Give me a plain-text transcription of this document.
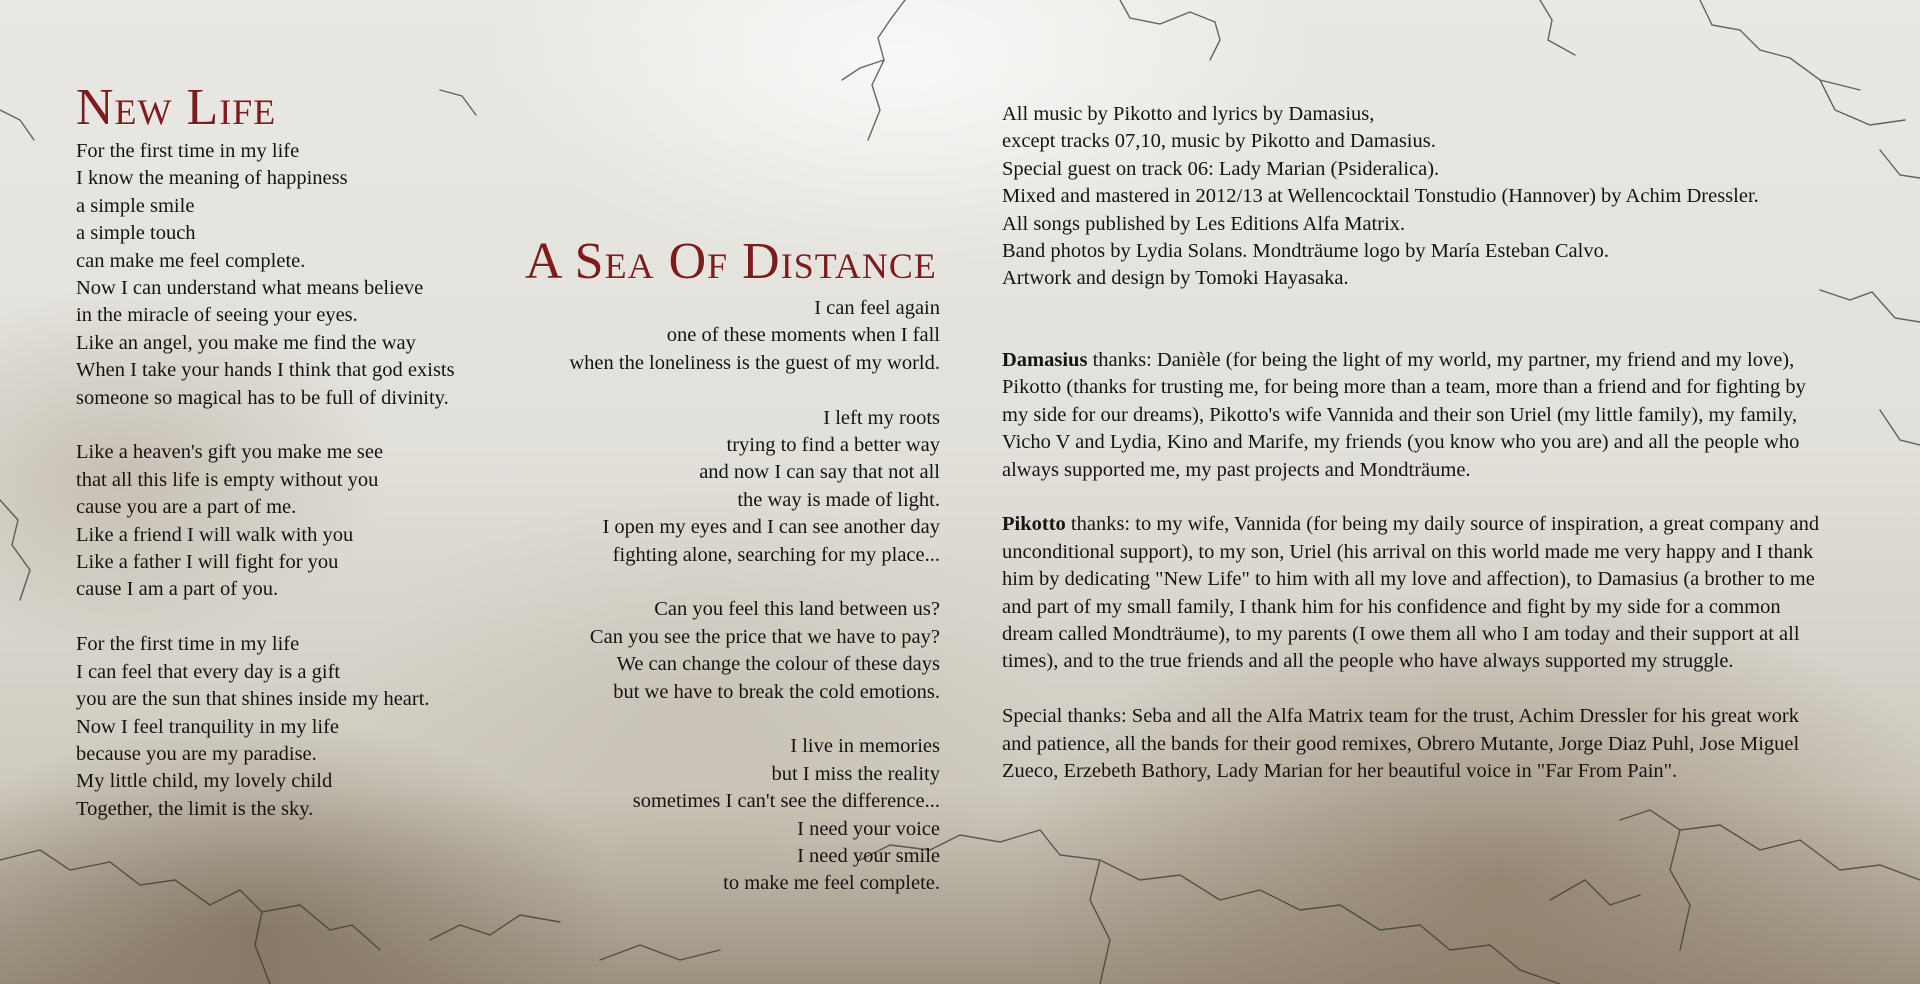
New Life
For the first time in my life
I know the meaning of happiness
a simple smile
a simple touch
can make me feel complete.
Now I can understand what means believe
in the miracle of seeing your eyes.
Like an angel, you make me find the way
When I take your hands I think that god exists
someone so magical has to be full of divinity.
Like a heaven's gift you make me see
that all this life is empty without you
cause you are a part of me.
Like a friend I will walk with you
Like a father I will fight for you
cause I am a part of you.
For the first time in my life
I can feel that every day is a gift
you are the sun that shines inside my heart.
Now I feel tranquility in my life
because you are my paradise.
My little child, my lovely child
Together, the limit is the sky.
A Sea Of Distance
I can feel again
one of these moments when I fall
when the loneliness is the guest of my world.
I left my roots
trying to find a better way
and now I can say that not all
the way is made of light.
I open my eyes and I can see another day
fighting alone, searching for my place...
Can you feel this land between us?
Can you see the price that we have to pay?
We can change the colour of these days
but we have to break the cold emotions.
I live in memories
but I miss the reality
sometimes I can't see the difference...
I need your voice
I need your smile
to make me feel complete.
All music by Pikotto and lyrics by Damasius,
except tracks 07,10, music by Pikotto and Damasius.
Special guest on track 06: Lady Marian (Psideralica).
Mixed and mastered in 2012/13 at Wellencocktail Tonstudio (Hannover) by Achim Dressler.
All songs published by Les Editions Alfa Matrix.
Band photos by Lydia Solans. Mondträume logo by María Esteban Calvo.
Artwork and design by Tomoki Hayasaka.
Damasius thanks: Danièle (for being the light of my world, my partner, my friend and my love),
Pikotto (thanks for trusting me, for being more than a team, more than a friend and for fighting by
my side for our dreams), Pikotto's wife Vannida and their son Uriel (my little family), my family,
Vicho V and Lydia, Kino and Marife, my friends (you know who you are) and all the people who
always supported me, my past projects and Mondträume.
Pikotto thanks: to my wife, Vannida (for being my daily source of inspiration, a great company and
unconditional support), to my son, Uriel (his arrival on this world made me very happy and I thank
him by dedicating "New Life" to him with all my love and affection), to Damasius (a brother to me
and part of my small family, I thank him for his confidence and fight by my side for a common
dream called Mondträume), to my parents (I owe them all who I am today and their support at all
times), and to the true friends and all the people who have always supported my struggle.
Special thanks: Seba and all the Alfa Matrix team for the trust, Achim Dressler for his great work
and patience, all the bands for their good remixes, Obrero Mutante, Jorge Diaz Puhl, Jose Miguel
Zueco, Erzebeth Bathory, Lady Marian for her beautiful voice in "Far From Pain".
